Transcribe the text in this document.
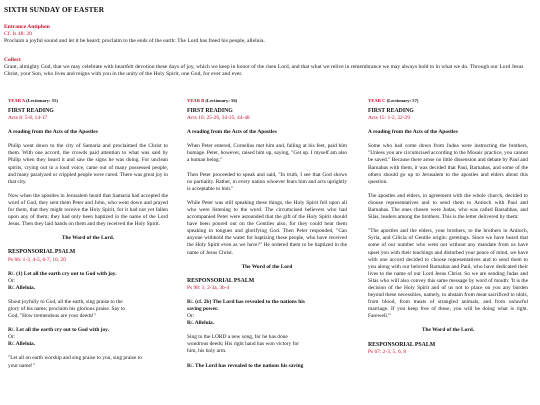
SIXTH SUNDAY OF EASTER
Entrance Antiphon
Cf. Is 48: 20
Proclaim a joyful sound and let it be heard; proclaim to the ends of the earth: The Lord has freed his people, alleluia.
Collect
Grant, almighty God, that we may celebrate with heartfelt devotion these days of joy, which we keep in honor of the risen Lord, and that what we relive in remembrance we may always hold to in what we do. Through our Lord Jesus Christ, your Son, who lives and reigns with you in the unity of the Holy Spirit, one God, for ever and ever.
YEAR A (Lectionary: 55)
FIRST READING
Acts 8: 5-8, 14-17
A reading from the Acts of the Apostles

Philip went down to the city of Samaria and proclaimed the Christ to them. With one accord, the crowds paid attention to what was said by Philip when they heard it and saw the signs he was doing. For unclean spirits, crying out in a loud voice, came out of many possessed people, and many paralyzed or crippled people were cured. There was great joy in that city.

Now when the apostles in Jerusalem heard that Samaria had accepted the word of God, they sent them Peter and John, who went down and prayed for them, that they might receive the Holy Spirit, for it had not yet fallen upon any of them; they had only been baptized in the name of the Lord Jesus. Then they laid hands on them and they received the Holy Spirit.

The Word of the Lord.
RESPONSORIAL PSALM
Ps 66: 1-3, 4-5, 6-7, 16, 20
R/. (1) Let all the earth cry out to God with joy.
Or:
R/. Alleluia.
Shout joyfully to God, all the earth, sing praise to the glory of his name; proclaim his glorious praise. Say to God, "How tremendous are your deeds!"
R/. Let all the earth cry out to God with joy.
Or:
R/. Alleluia.
"Let all on earth worship and sing praise to you, sing praise to your name!"
YEAR B (Lectionary: 56)
FIRST READING
Acts 10: 25-26, 34-35, 44-48
A reading from the Acts of the Apostles

When Peter entered, Cornelius met him and, falling at his feet, paid him homage. Peter, however, raised him up, saying, "Get up. I myself am also a human being."

Then Peter proceeded to speak and said, "In truth, I see that God shows no partiality. Rather, in every nation whoever fears him and acts uprightly is acceptable to him."

While Peter was still speaking these things, the Holy Spirit fell upon all who were listening to the word. The circumcised believers who had accompanied Peter were astounded that the gift of the Holy Spirit should have been poured out on the Gentiles also, for they could hear them speaking in tongues and glorifying God. Then Peter responded, "Can anyone withhold the water for baptizing these people, who have received the Holy Spirit even as we have?" He ordered them to be baptized in the name of Jesus Christ.

The Word of the Lord
RESPONSORIAL PSALM
Ps 98: 1, 2-3a, 3b-4
R/. (cf. 2b) The Lord has revealed to the nations his saving power.
Or:
R/. Alleluia.
Sing to the LORD a new song, for he has done wondrous deeds; His right hand has won victory for him, his holy arm.
R/. The Lord has revealed to the nations his saving
YEAR C (Lectionary: 57)
FIRST READING
Acts 15: 1-2, 22-29
A reading from the Acts of the Apostles

Some who had come down from Judea were instructing the brothers, "Unless you are circumcised according to the Mosaic practice, you cannot be saved." Because there arose no little dissension and debate by Paul and Barnabas with them, it was decided that Paul, Barnabas, and some of the others should go up to Jerusalem to the apostles and elders about this question.

The apostles and elders, in agreement with the whole church, decided to choose representatives and to send them to Antioch with Paul and Barnabas. The ones chosen were Judas, who was called Barsabbas, and Silas, leaders among the brothers. This is the letter delivered by them:

"The apostles and the elders, your brothers, to the brothers in Antioch, Syria, and Cilicia of Gentile origin: greetings. Since we have heard that some of our number who went out without any mandate from us have upset you with their teachings and disturbed your peace of mind, we have with one accord decided to choose representatives and to send them to you along with our beloved Barnabas and Paul, who have dedicated their lives to the name of our Lord Jesus Christ. So we are sending Judas and Silas who will also convey this same message by word of mouth: 'It is the decision of the Holy Spirit and of us not to place on you any burden beyond these necessities, namely, to abstain from meat sacrificed to idols, from blood, from meats of strangled animals, and from unlawful marriage. If you keep free of these, you will be doing what is right. Farewell.'"

The Word of the Lord.
RESPONSORIAL PSALM
Ps 67: 2-3, 5, 6, 8
